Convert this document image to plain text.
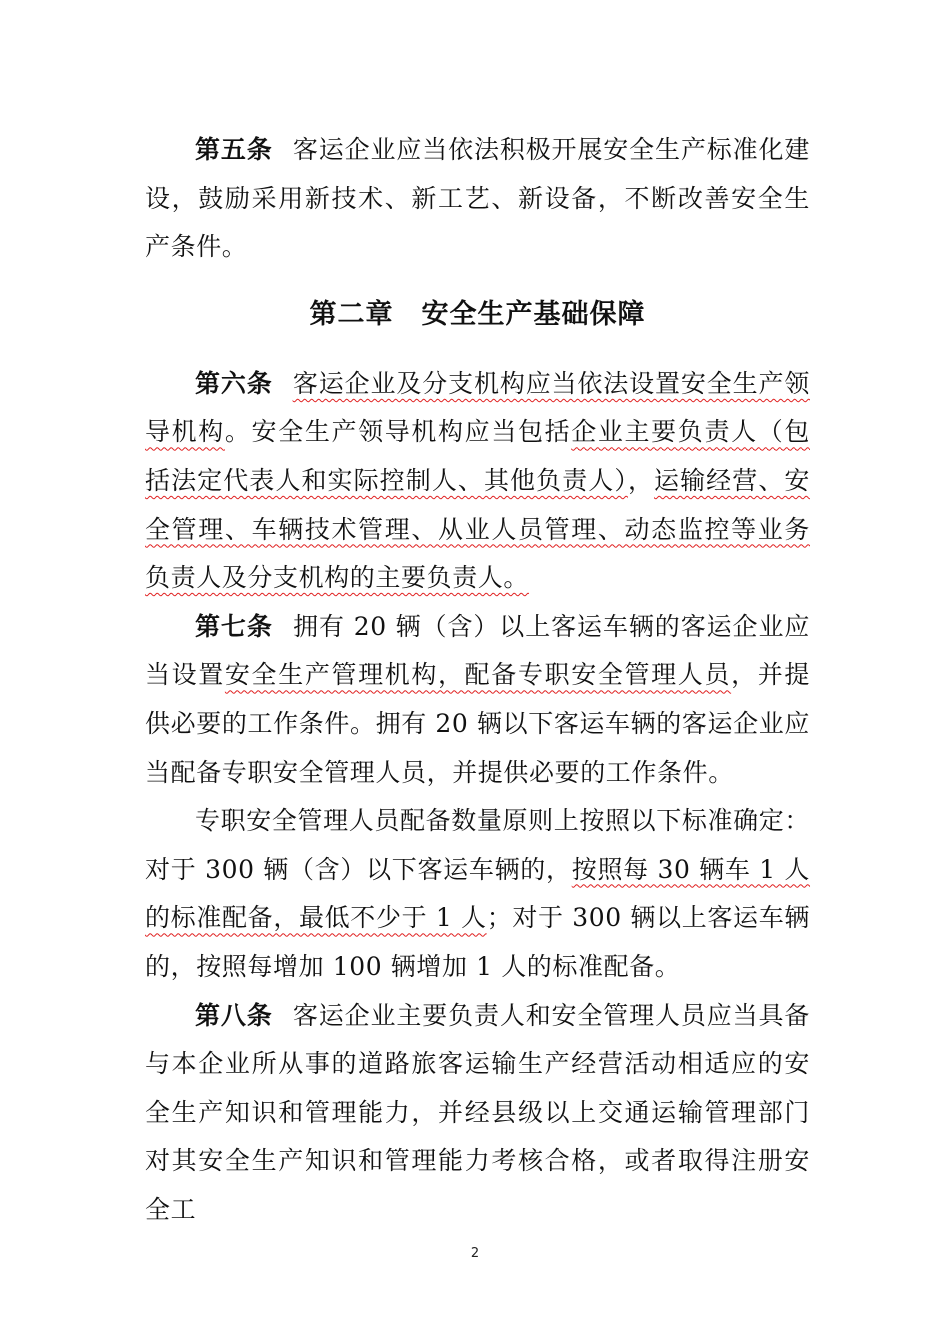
第五条 客运企业应当依法积极开展安全生产标准化建设，鼓励采用新技术、新工艺、新设备，不断改善安全生产条件。

第二章　安全生产基础保障

第六条 客运企业及分支机构应当依法设置安全生产领导机构。安全生产领导机构应当包括企业主要负责人（包括法定代表人和实际控制人、其他负责人），运输经营、安全管理、车辆技术管理、从业人员管理、动态监控等业务负责人及分支机构的主要负责人。

第七条 拥有 20 辆（含）以上客运车辆的客运企业应当设置安全生产管理机构，配备专职安全管理人员，并提供必要的工作条件。拥有 20 辆以下客运车辆的客运企业应当配备专职安全管理人员，并提供必要的工作条件。

专职安全管理人员配备数量原则上按照以下标准确定：对于 300 辆（含）以下客运车辆的，按照每 30 辆车 1 人的标准配备，最低不少于 1 人；对于 300 辆以上客运车辆的，按照每增加 100 辆增加 1 人的标准配备。

第八条 客运企业主要负责人和安全管理人员应当具备与本企业所从事的道路旅客运输生产经营活动相适应的安全生产知识和管理能力，并经县级以上交通运输管理部门对其安全生产知识和管理能力考核合格，或者取得注册安全工

2
